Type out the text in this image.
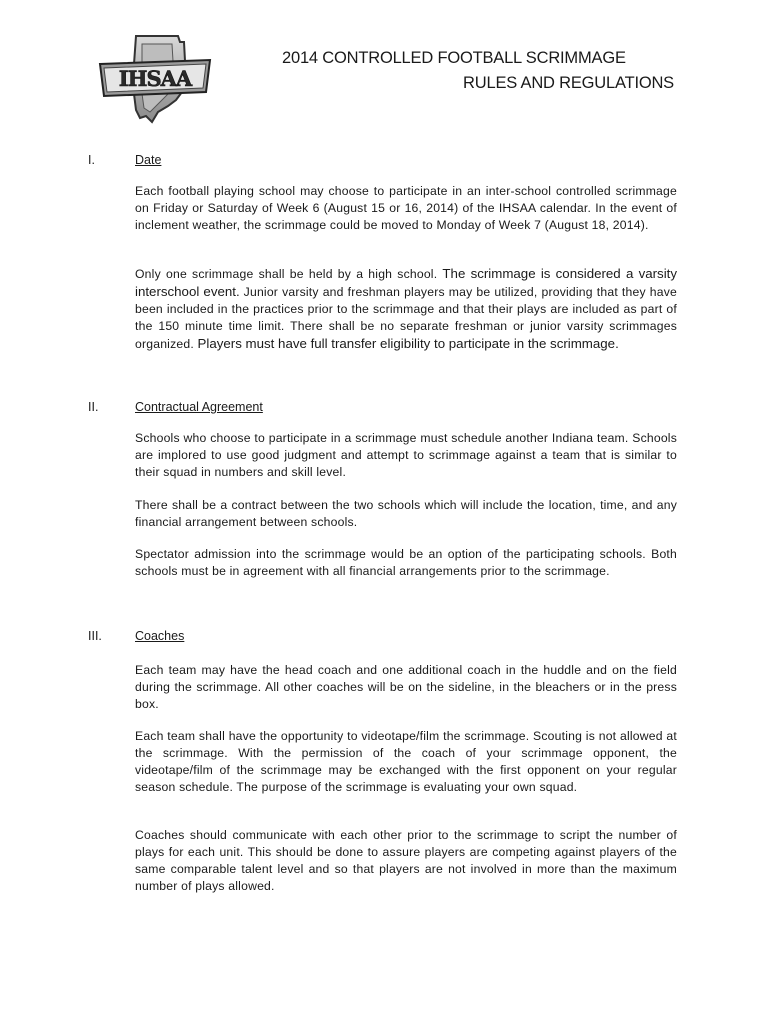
IHSAA
2014 CONTROLLED FOOTBALL SCRIMMAGE
RULES AND REGULATIONS
I.	Date

Each football playing school may choose to participate in an inter-school controlled scrimmage on Friday or Saturday of Week 6 (August 15 or 16, 2014) of the IHSAA calendar. In the event of inclement weather, the scrimmage could be moved to Monday of Week 7 (August 18, 2014).

Only one scrimmage shall be held by a high school. The scrimmage is considered a varsity interschool event. Junior varsity and freshman players may be utilized, providing that they have been included in the practices prior to the scrimmage and that their plays are included as part of the 150 minute time limit. There shall be no separate freshman or junior varsity scrimmages organized. Players must have full transfer eligibility to participate in the scrimmage.

II.	Contractual Agreement

Schools who choose to participate in a scrimmage must schedule another Indiana team. Schools are implored to use good judgment and attempt to scrimmage against a team that is similar to their squad in numbers and skill level.

There shall be a contract between the two schools which will include the location, time, and any financial arrangement between schools.

Spectator admission into the scrimmage would be an option of the participating schools. Both schools must be in agreement with all financial arrangements prior to the scrimmage.

III.	Coaches

Each team may have the head coach and one additional coach in the huddle and on the field during the scrimmage. All other coaches will be on the sideline, in the bleachers or in the press box.

Each team shall have the opportunity to videotape/film the scrimmage. Scouting is not allowed at the scrimmage. With the permission of the coach of your scrimmage opponent, the videotape/film of the scrimmage may be exchanged with the first opponent on your regular season schedule. The purpose of the scrimmage is evaluating your own squad.

Coaches should communicate with each other prior to the scrimmage to script the number of plays for each unit. This should be done to assure players are competing against players of the same comparable talent level and so that players are not involved in more than the maximum number of plays allowed.
